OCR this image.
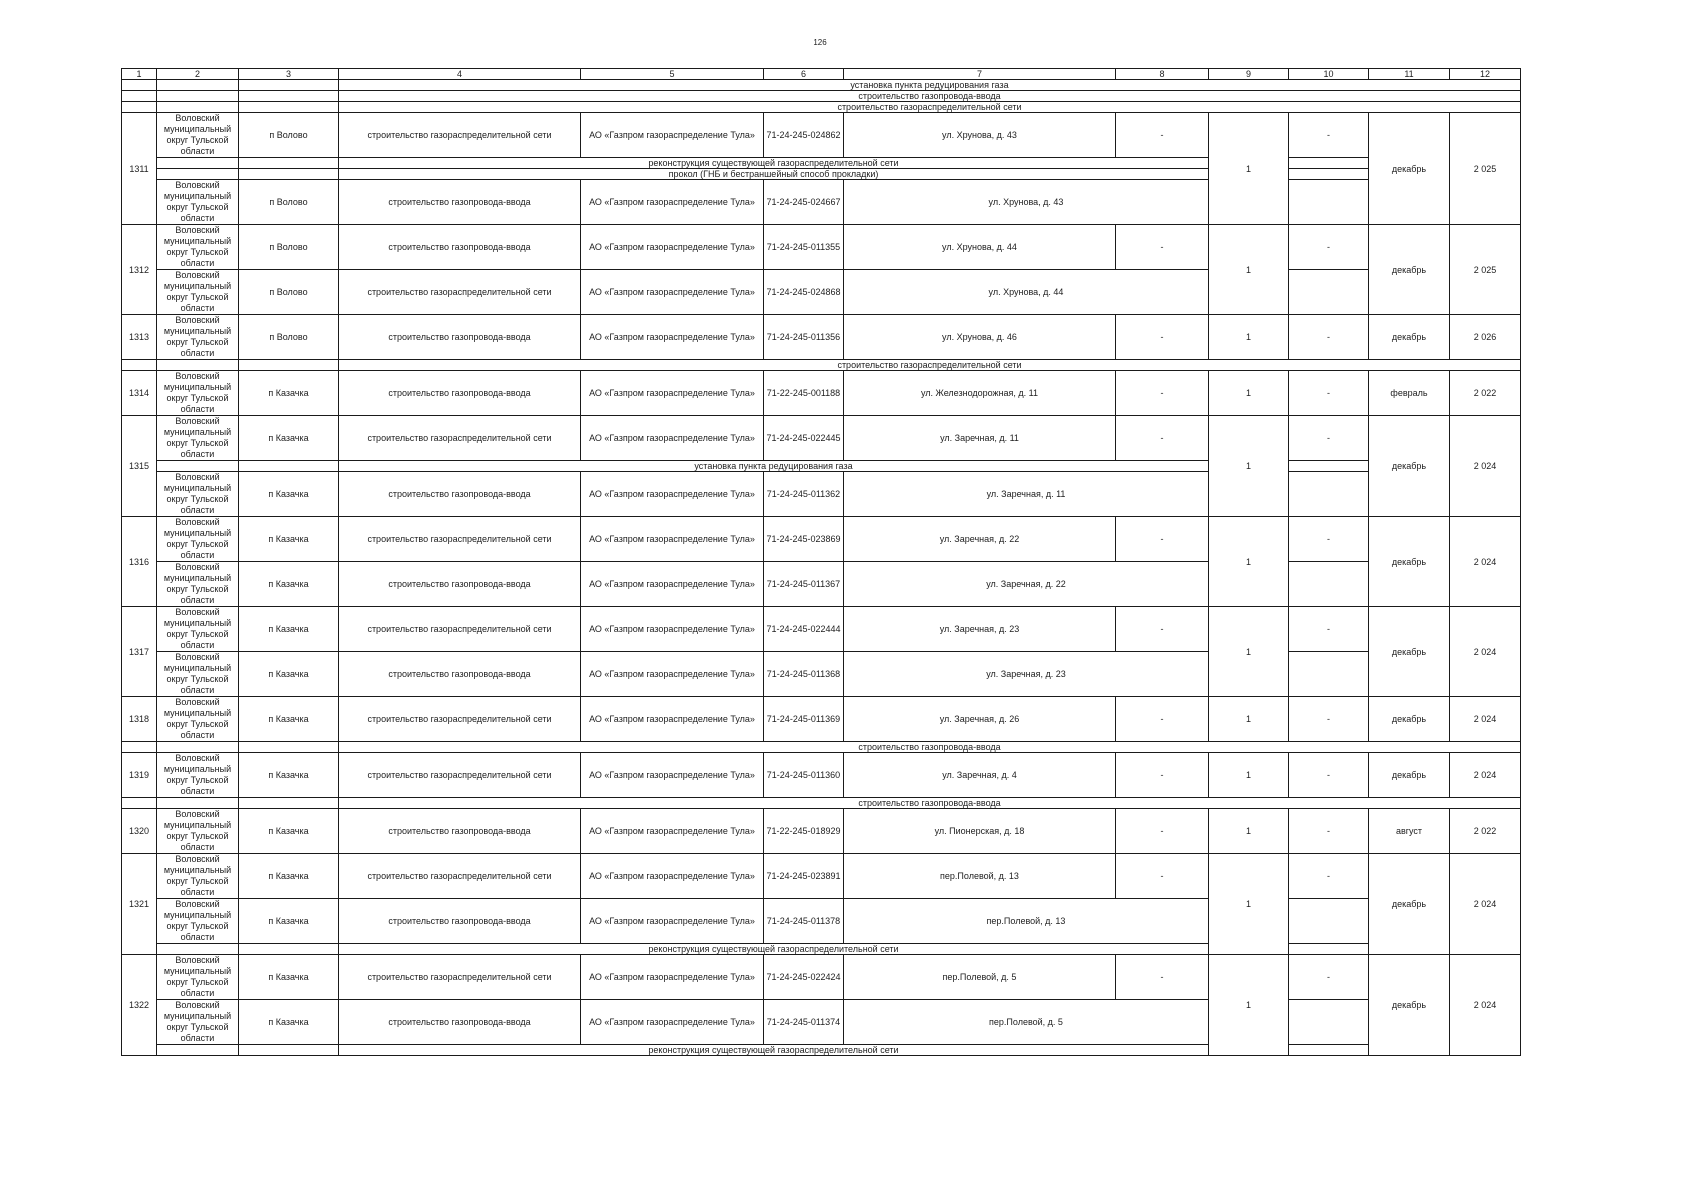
126
1	2	3	4	5	6	7	8	9	10	11	12
			установка пункта редуцирования газа								
			строительство газопровода-ввода								
			строительство газораспределительной сети								
1311	Воловский муниципальный округ Тульской области	п Волово	строительство газораспределительной сети	АО «Газпром газораспределение Тула»	71-24-245-024862	ул. Хрунова, д. 43	-	1	-	декабрь	2 025
			реконструкция существующей газораспределительной сети								
			прокол (ГНБ и бестраншейный способ прокладки)								
	Воловский муниципальный округ Тульской области	п Волово	строительство газопровода-ввода	АО «Газпром газораспределение Тула»	71-24-245-024667	ул. Хрунова, д. 43					
1312	Воловский муниципальный округ Тульской области	п Волово	строительство газопровода-ввода	АО «Газпром газораспределение Тула»	71-24-245-011355	ул. Хрунова, д. 44	-	1	-	декабрь	2 025
	Воловский муниципальный округ Тульской области	п Волово	строительство газораспределительной сети	АО «Газпром газораспределение Тула»	71-24-245-024868	ул. Хрунова, д. 44					
1313	Воловский муниципальный округ Тульской области	п Волово	строительство газопровода-ввода	АО «Газпром газораспределение Тула»	71-24-245-011356	ул. Хрунова, д. 46	-	1	-	декабрь	2 026
			строительство газораспределительной сети								
1314	Воловский муниципальный округ Тульской области	п Казачка	строительство газопровода-ввода	АО «Газпром газораспределение Тула»	71-22-245-001188	ул. Железнодорожная, д. 11	-	1	-	февраль	2 022
1315	Воловский муниципальный округ Тульской области	п Казачка	строительство газораспределительной сети	АО «Газпром газораспределение Тула»	71-24-245-022445	ул. Заречная, д. 11	-	1	-	декабрь	2 024
			установка пункта редуцирования газа								
	Воловский муниципальный округ Тульской области	п Казачка	строительство газопровода-ввода	АО «Газпром газораспределение Тула»	71-24-245-011362	ул. Заречная, д. 11					
1316	Воловский муниципальный округ Тульской области	п Казачка	строительство газораспределительной сети	АО «Газпром газораспределение Тула»	71-24-245-023869	ул. Заречная, д. 22	-	1	-	декабрь	2 024
	Воловский муниципальный округ Тульской области	п Казачка	строительство газопровода-ввода	АО «Газпром газораспределение Тула»	71-24-245-011367	ул. Заречная, д. 22					
1317	Воловский муниципальный округ Тульской области	п Казачка	строительство газораспределительной сети	АО «Газпром газораспределение Тула»	71-24-245-022444	ул. Заречная, д. 23	-	1	-	декабрь	2 024
	Воловский муниципальный округ Тульской области	п Казачка	строительство газопровода-ввода	АО «Газпром газораспределение Тула»	71-24-245-011368	ул. Заречная, д. 23					
1318	Воловский муниципальный округ Тульской области	п Казачка	строительство газораспределительной сети	АО «Газпром газораспределение Тула»	71-24-245-011369	ул. Заречная, д. 26	-	1	-	декабрь	2 024
			строительство газопровода-ввода								
1319	Воловский муниципальный округ Тульской области	п Казачка	строительство газораспределительной сети	АО «Газпром газораспределение Тула»	71-24-245-011360	ул. Заречная, д. 4	-	1	-	декабрь	2 024
			строительство газопровода-ввода								
1320	Воловский муниципальный округ Тульской области	п Казачка	строительство газопровода-ввода	АО «Газпром газораспределение Тула»	71-22-245-018929	ул. Пионерская, д. 18	-	1	-	август	2 022
1321	Воловский муниципальный округ Тульской области	п Казачка	строительство газораспределительной сети	АО «Газпром газораспределение Тула»	71-24-245-023891	пер.Полевой, д. 13	-	1	-	декабрь	2 024
	Воловский муниципальный округ Тульской области	п Казачка	строительство газопровода-ввода	АО «Газпром газораспределение Тула»	71-24-245-011378	пер.Полевой, д. 13					
			реконструкция существующей газораспределительной сети								
1322	Воловский муниципальный округ Тульской области	п Казачка	строительство газораспределительной сети	АО «Газпром газораспределение Тула»	71-24-245-022424	пер.Полевой, д. 5	-	1	-	декабрь	2 024
	Воловский муниципальный округ Тульской области	п Казачка	строительство газопровода-ввода	АО «Газпром газораспределение Тула»	71-24-245-011374	пер.Полевой, д. 5					
			реконструкция существующей газораспределительной сети								
